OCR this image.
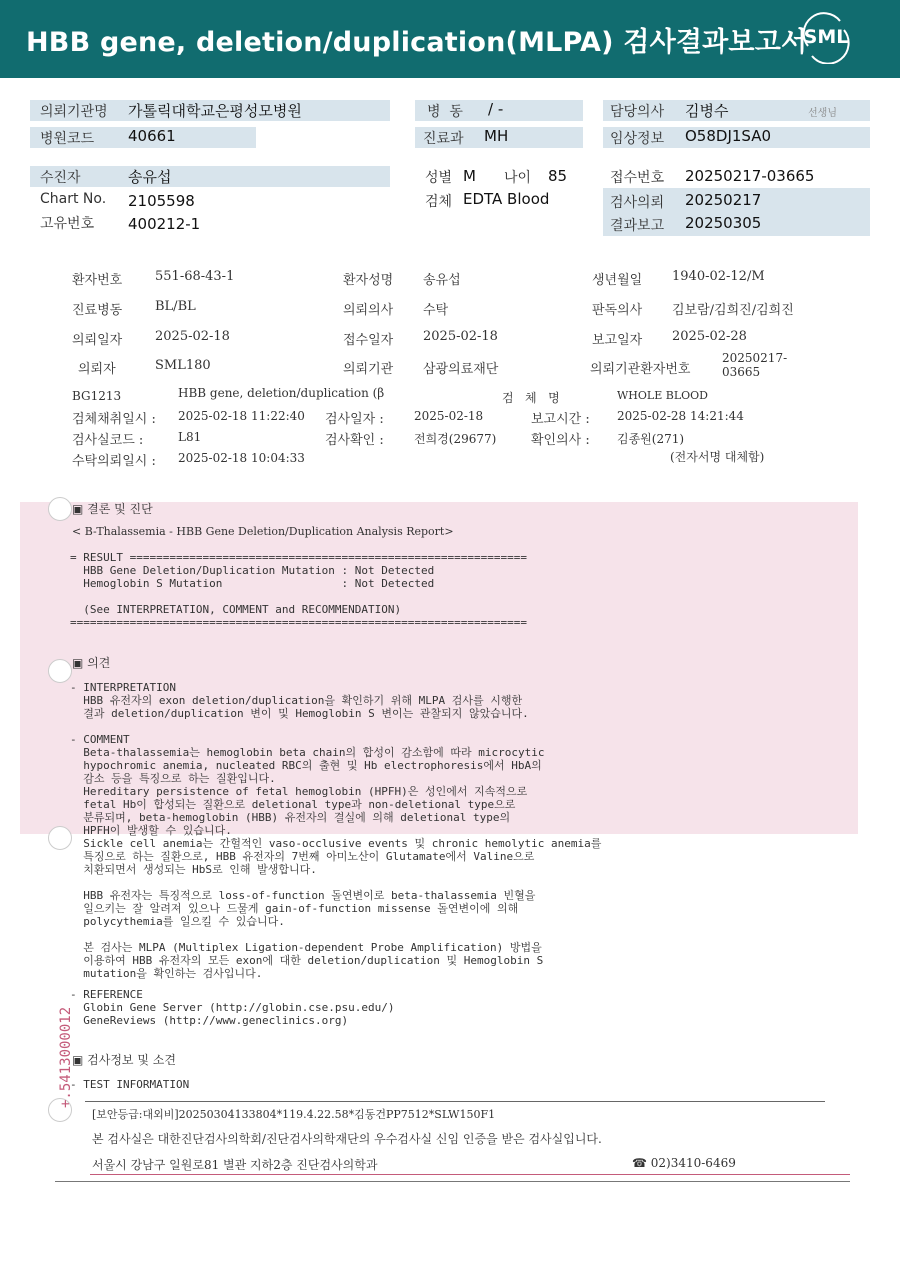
HBB gene, deletion/duplication(MLPA) 검사결과보고서
SML
의뢰기관명 가톨릭대학교은평성모병원
병원코드 40661
병  동 / -
진료과 MH
담당의사 김병수	선생님
임상정보 O58DJ1SA0
수진자	송유섭
Chart No. 2105598
고유번호 400212-1
성별 M 나이 85
검체 EDTA Blood
접수번호 20250217-03665
검사의뢰 20250217
결과보고 20250305
환자번호	551-68-43-1	환자성명 송유섭	생년월일 1940-02-12/M
진료병동	BL/BL	의뢰의사 수탁	판독의사 김보람/김희진/김희진
의뢰일자	2025-02-18	접수일자 2025-02-18	보고일자 2025-02-28
의뢰자	SML180	의뢰기관 삼광의료재단	의뢰기관환자번호
20250217-
03665
BG1213	HBB gene, deletion/duplication (β	검   체   명	WHOLE BLOOD
검체채취일시 : 2025-02-18 11:22:40 검사일자 :	2025-02-18	보고시간 : 2025-02-28 14:21:44
검사실코드 :	L81	검사확인 :	전희경(29677)	확인의사 : 김종원(271)
수탁의뢰일시 : 2025-02-18 10:04:33	(전자서명 대체함)
▣ 결론 및 진단
< B-Thalassemia - HBB Gene Deletion/Duplication Analysis Report>
= RESULT ============================================================
HBB Gene Deletion/Duplication Mutation : Not Detected
Hemoglobin S Mutation                  : Not Detected

(See INTERPRETATION, COMMENT and RECOMMENDATION)
=====================================================================
▣ 의견
- INTERPRETATION
HBB 유전자의 exon deletion/duplication을 확인하기 위해 MLPA 검사를 시행한
결과 deletion/duplication 변이 및 Hemoglobin S 변이는 관찰되지 않았습니다.
- COMMENT
Beta-thalassemia는 hemoglobin beta chain의 합성이 감소함에 따라 microcytic
hypochromic anemia, nucleated RBC의 출현 및 Hb electrophoresis에서 HbA의
감소 등을 특징으로 하는 질환입니다.
Hereditary persistence of fetal hemoglobin (HPFH)은 성인에서 지속적으로
fetal Hb이 합성되는 질환으로 deletional type과 non-deletional type으로
분류되며, beta-hemoglobin (HBB) 유전자의 결실에 의해 deletional type의
HPFH이 발생할 수 있습니다.
Sickle cell anemia는 간헐적인 vaso-occlusive events 및 chronic hemolytic anemia를
특징으로 하는 질환으로, HBB 유전자의 7번째 아미노산이 Glutamate에서 Valine으로
치환되면서 생성되는 HbS로 인해 발생합니다.

HBB 유전자는 특징적으로 loss-of-function 돌연변이로 beta-thalassemia 빈혈을
일으키는 잘 알려져 있으나 드물게 gain-of-function missense 돌연변이에 의해
polycythemia를 일으킬 수 있습니다.

본 검사는 MLPA (Multiplex Ligation-dependent Probe Amplification) 방법을
이용하여 HBB 유전자의 모든 exon에 대한 deletion/duplication 및 Hemoglobin S
mutation을 확인하는 검사입니다.
- REFERENCE
Globin Gene Server (http://globin.cse.psu.edu/)
GeneReviews (http://www.geneclinics.org)
▣ 검사정보 및 소견
- TEST INFORMATION
+.5413000012
[보안등급:대외비]20250304133804*119.4.22.58*김동건PP7512*SLW150F1
본 검사실은 대한진단검사의학회/진단검사의학재단의 우수검사실 신임 인증을 받은 검사실입니다.
서울시 강남구 일원로81 별관 지하2층 진단검사의학과	☎ 02)3410-6469
